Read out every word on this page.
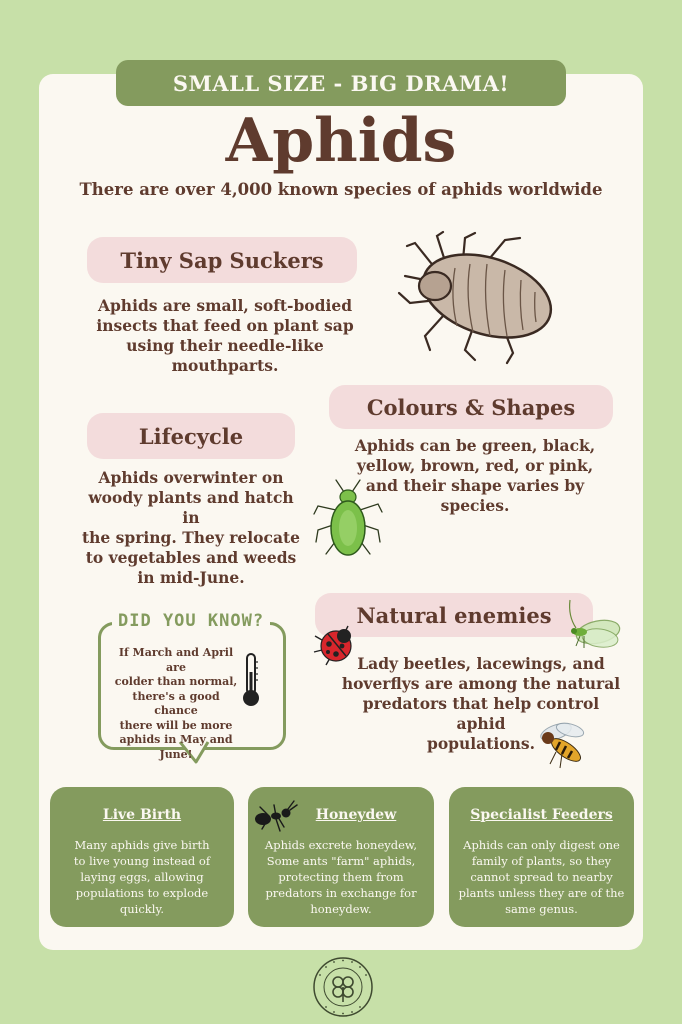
SMALL SIZE - BIG DRAMA!
Aphids
There are over 4,000 known species of aphids worldwide
Tiny Sap Suckers
Aphids are small, soft-bodied
insects that feed on plant sap
using their needle-like
mouthparts.
Colours & Shapes
Aphids can be green, black,
yellow, brown, red, or pink,
and their shape varies by
species.
Lifecycle
Aphids overwinter on
woody plants and hatch in
the spring. They relocate
to vegetables and weeds
in mid-June.
DID YOU KNOW?
If March and April are
colder than normal,
there's a good chance
there will be more
aphids in May and
June!
Natural enemies
Lady beetles, lacewings, and
hoverflys are among the natural
predators that help control aphid
populations.
Live Birth
Many aphids give birth
to live young instead of
laying eggs, allowing
populations to explode
quickly.
Honeydew
Aphids excrete honeydew,
Some ants "farm" aphids,
protecting them from
predators in exchange for
honeydew.
Specialist Feeders
Aphids can only digest one
family of plants, so they
cannot spread to nearby
plants unless they are of the
same genus.
